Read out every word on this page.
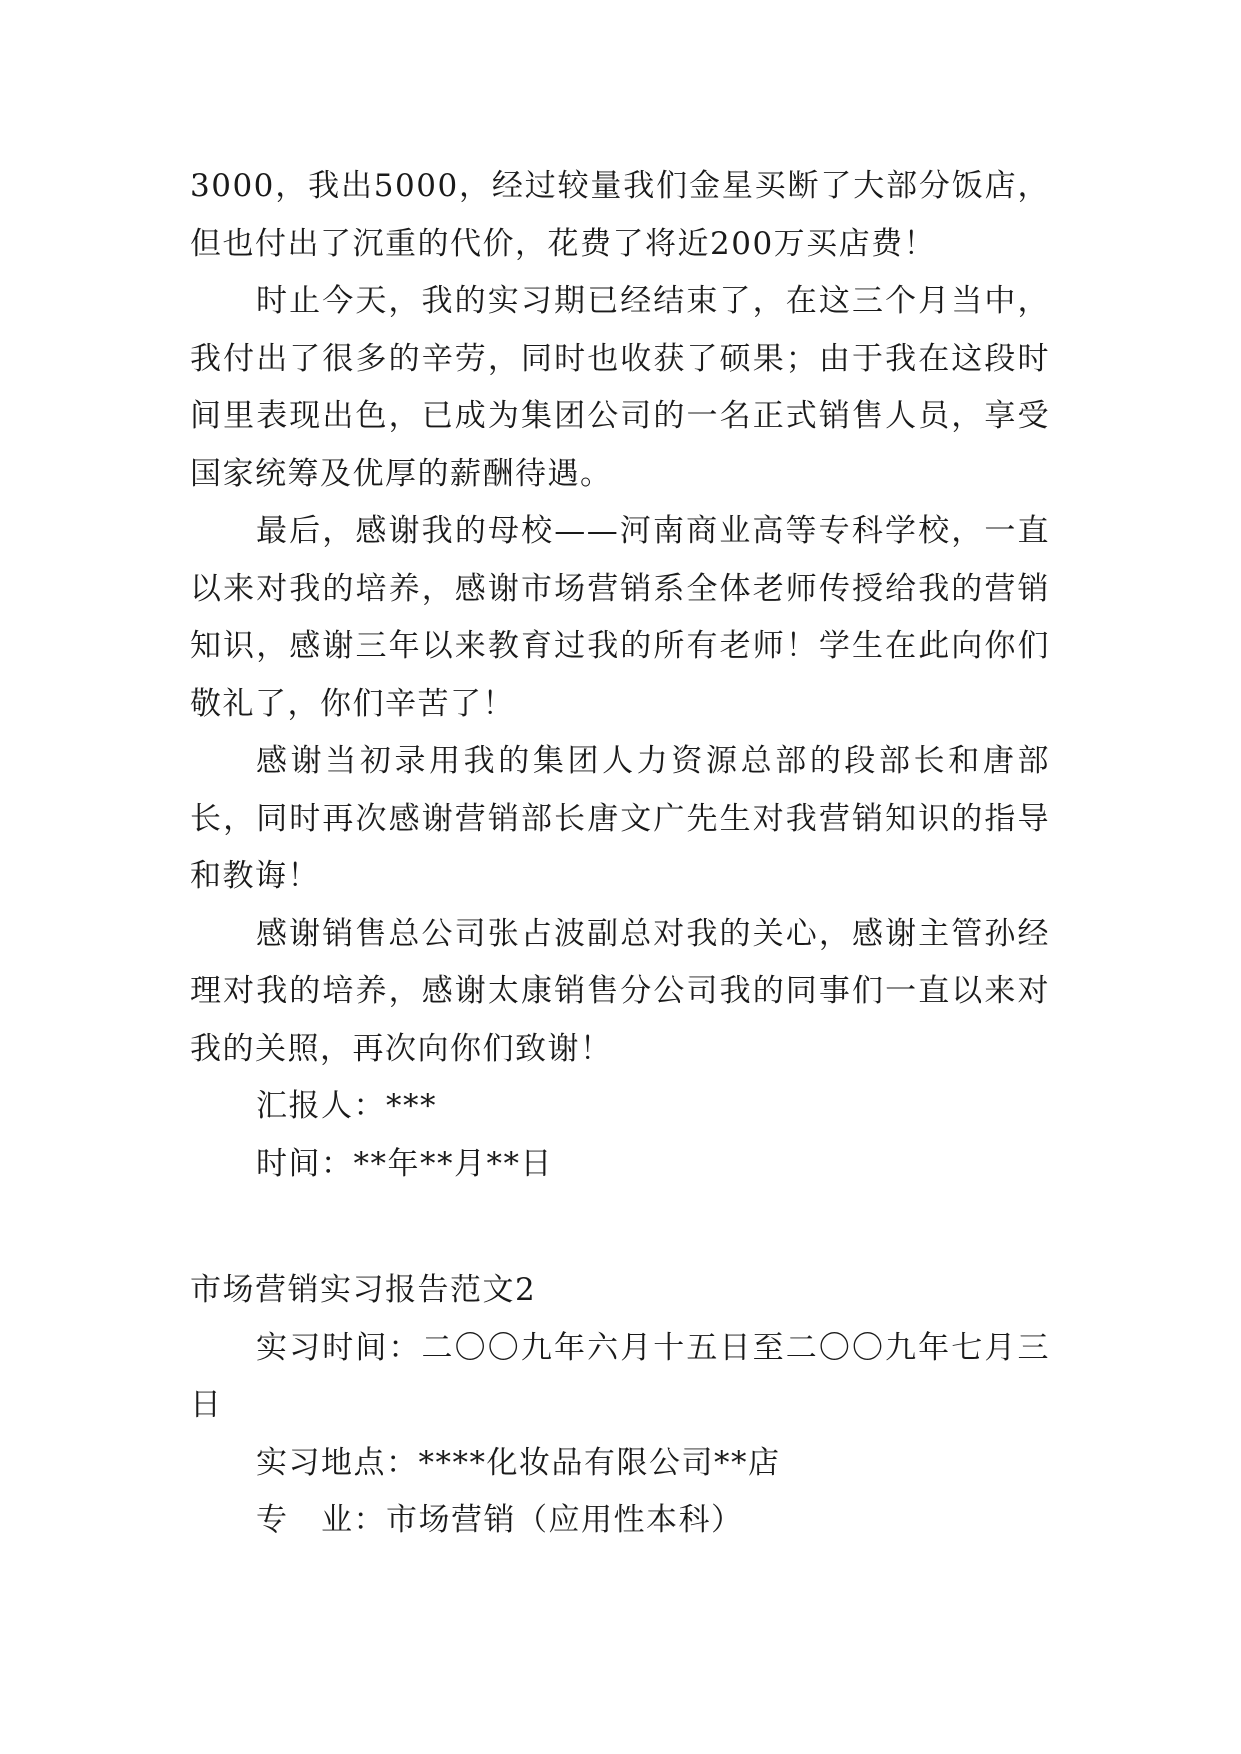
3000，我出5000，经过较量我们金星买断了大部分饭店，但也付出了沉重的代价，花费了将近200万买店费！

时止今天，我的实习期已经结束了，在这三个月当中，我付出了很多的辛劳，同时也收获了硕果；由于我在这段时间里表现出色，已成为集团公司的一名正式销售人员，享受国家统筹及优厚的薪酬待遇。

最后，感谢我的母校——河南商业高等专科学校，一直以来对我的培养，感谢市场营销系全体老师传授给我的营销知识，感谢三年以来教育过我的所有老师！学生在此向你们敬礼了，你们辛苦了！

感谢当初录用我的集团人力资源总部的段部长和唐部长，同时再次感谢营销部长唐文广先生对我营销知识的指导和教诲！

感谢销售总公司张占波副总对我的关心，感谢主管孙经理对我的培养，感谢太康销售分公司我的同事们一直以来对我的关照，再次向你们致谢！

汇报人：***

时间：**年**月**日

市场营销实习报告范文2

实习时间：二〇〇九年六月十五日至二〇〇九年七月三日

实习地点：****化妆品有限公司**店

专　业：市场营销（应用性本科）
